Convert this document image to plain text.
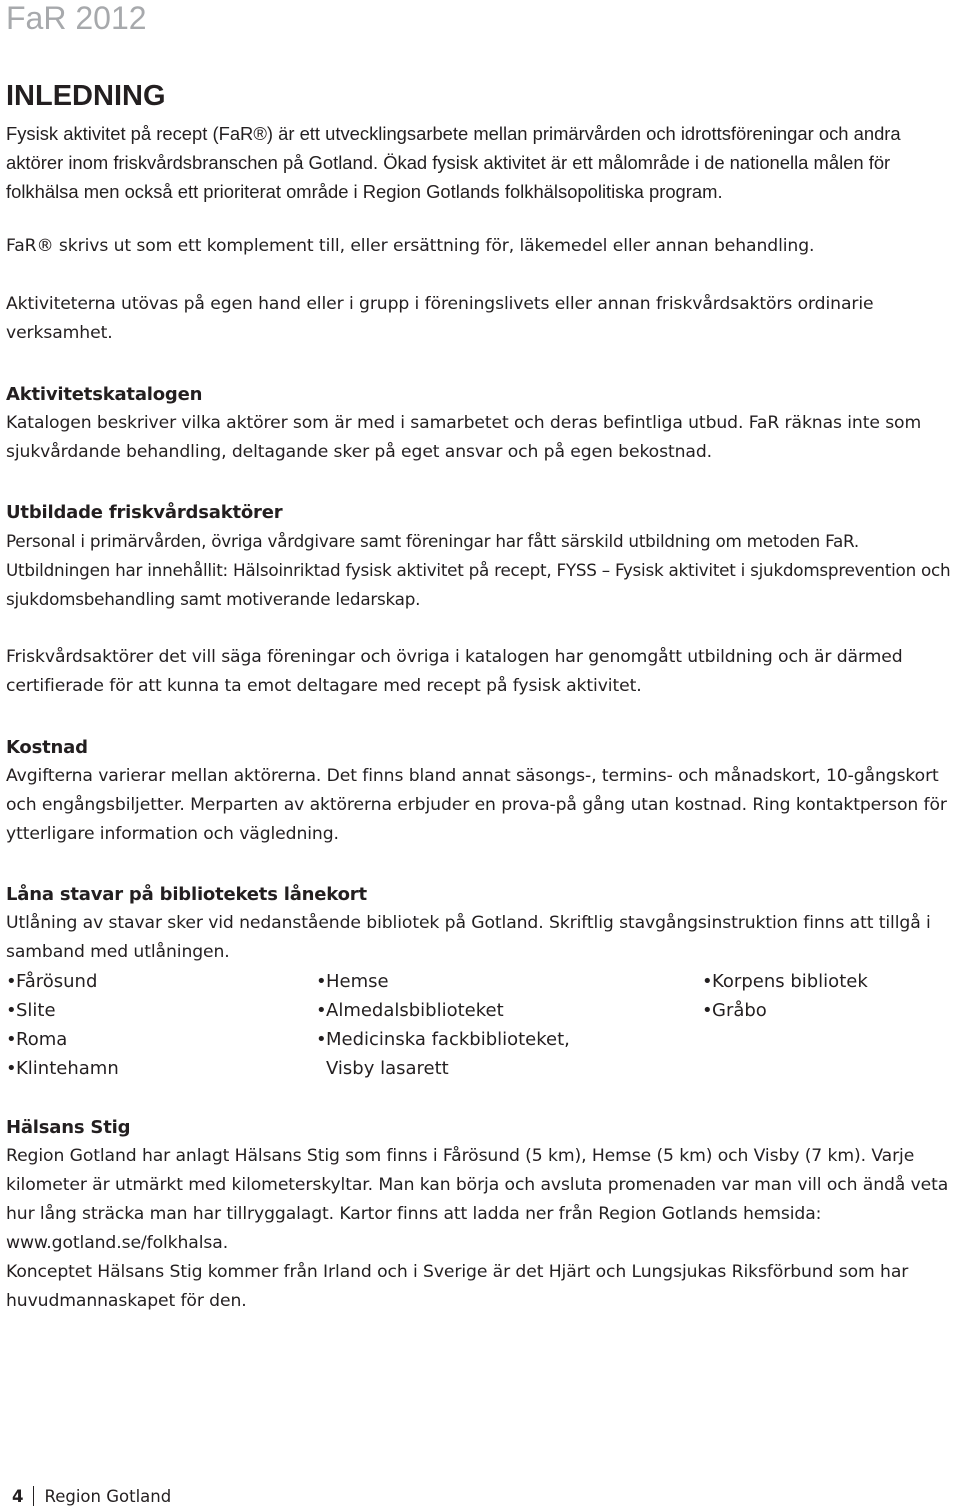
FaR 2012
INLEDNING

Fysisk aktivitet på recept (FaR®) är ett utvecklingsarbete mellan primärvården och idrottsföreningar och andra aktörer inom friskvårdsbranschen på Gotland. Ökad fysisk aktivitet är ett målområde i de nationella målen för folkhälsa men också ett prioriterat område i Region Gotlands folkhälsopolitiska program.

FaR® skrivs ut som ett komplement till, eller ersättning för, läkemedel eller annan behandling.

Aktiviteterna utövas på egen hand eller i grupp i föreningslivets eller annan friskvårdsaktörs ordinarie verksamhet.

Aktivitetskatalogen

Katalogen beskriver vilka aktörer som är med i samarbetet och deras befintliga utbud. FaR räknas inte som sjukvårdande behandling, deltagande sker på eget ansvar och på egen bekostnad.

Utbildade friskvårdsaktörer

Personal i primärvården, övriga vårdgivare samt föreningar har fått särskild utbildning om metoden FaR. Utbildningen har innehållit: Hälsoinriktad fysisk aktivitet på recept, FYSS – Fysisk aktivitet i sjukdomsprevention och sjukdomsbehandling samt motiverande ledarskap.

Friskvårdsaktörer det vill säga föreningar och övriga i katalogen har genomgått utbildning och är därmed certifierade för att kunna ta emot deltagare med recept på fysisk aktivitet.

Kostnad

Avgifterna varierar mellan aktörerna. Det finns bland annat säsongs-, termins- och månadskort, 10-gångskort och engångsbiljetter. Merparten av aktörerna erbjuder en prova-på gång utan kostnad. Ring kontaktperson för ytterligare information och vägledning.

Låna stavar på bibliotekets lånekort

Utlåning av stavar sker vid nedanstående bibliotek på Gotland. Skriftlig stavgångsinstruktion finns att tillgå i samband med utlåningen.

•Fårösund
•Slite
•Roma
•Klintehamn
•Hemse
•Almedalsbiblioteket
•Medicinska fackbiblioteket,
Visby lasarett
•Korpens bibliotek
•Gråbo
Hälsans Stig

Region Gotland har anlagt Hälsans Stig som finns i Fårösund (5 km), Hemse (5 km) och Visby (7 km). Varje kilometer är utmärkt med kilometerskyltar. Man kan börja och avsluta promenaden var man vill och ändå veta hur lång sträcka man har tillryggalagt. Kartor finns att ladda ner från Region Gotlands hemsida: www.gotland.se/folkhalsa.

Konceptet Hälsans Stig kommer från Irland och i Sverige är det Hjärt och Lungsjukas Riksförbund som har huvudmannaskapet för den.

4 Region Gotland
